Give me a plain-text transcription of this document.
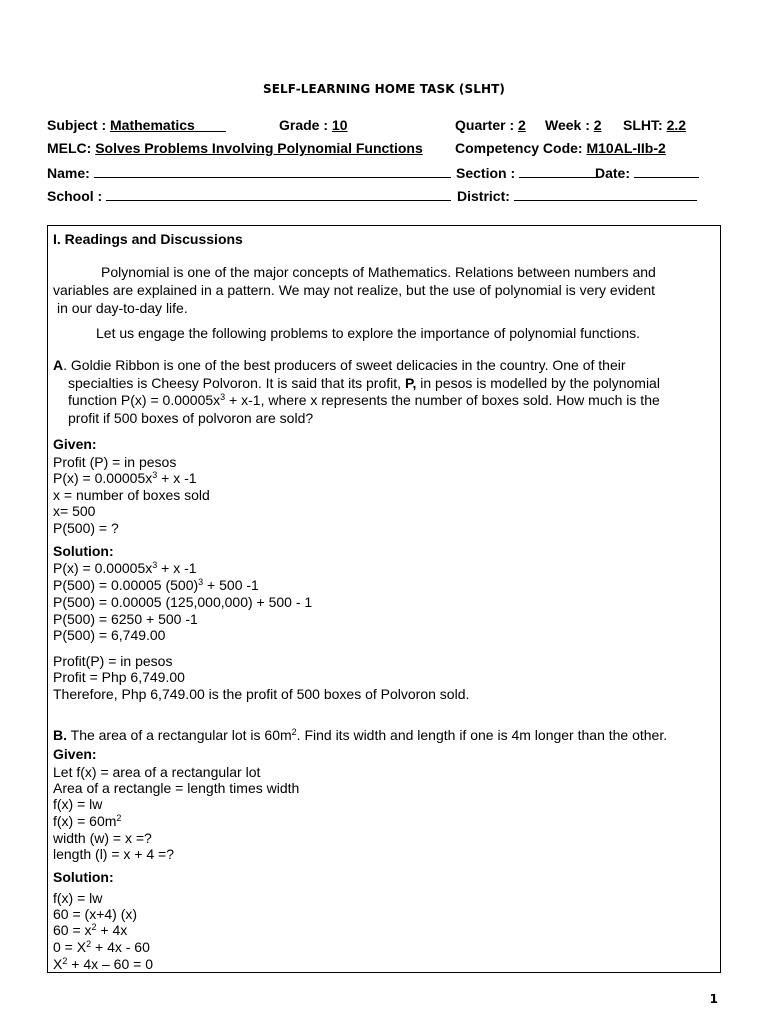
SELF-LEARNING HOME TASK (SLHT)
Subject : Mathematics	Grade : 10	Quarter : 2 Week : 2 SLHT: 2.2
MELC: Solves Problems Involving Polynomial Functions Competency Code: M10AL-IIb-2
Name:	Section :	Date:
School :	District:
I. Readings and Discussions
Polynomial is one of the major concepts of Mathematics. Relations between numbers and
variables are explained in a pattern. We may not realize, but the use of polynomial is very evident
in our day-to-day life.
Let us engage the following problems to explore the importance of polynomial functions.
A. Goldie Ribbon is one of the best producers of sweet delicacies in the country. One of their
specialties is Cheesy Polvoron. It is said that its profit, P, in pesos is modelled by the polynomial
function $P(x) = 0.00005x^3 + x-1$, where x represents the number of boxes sold. How much is the
profit if 500 boxes of polvoron are sold?
Given:
Profit (P) = in pesos
$P(x) = 0.00005x^3 + x$ -1
x = number of boxes sold
x= 500
P(500) = ?
Solution:
$P(x) = 0.00005x^3 + x$ -1
P(500) = 0.00005 $(500)^3 + 500$ -1
P(500) = 0.00005 (125,000,000) + 500 - 1
P(500) = 6250 + 500 -1
P(500) = 6,749.00
Profit(P) = in pesos
Profit = Php 6,749.00
Therefore, Php 6,749.00 is the profit of 500 boxes of Polvoron sold.
B. The area of a rectangular lot is $60m^2$. Find its width and length if one is 4m longer than the other.
Given:
Let f(x) = area of a rectangular lot
Area of a rectangle = length times width
f(x) = lw
$f(x) = 60m^2$
width (w) = x =?
length (l) = x + 4 =?
Solution:
f(x) = lw
60 = (x+4) (x)
$60 = x^2 + 4x$
$0 = X^2 + 4x - 60$
$X^2 + 4x - 60 = 0$
1
